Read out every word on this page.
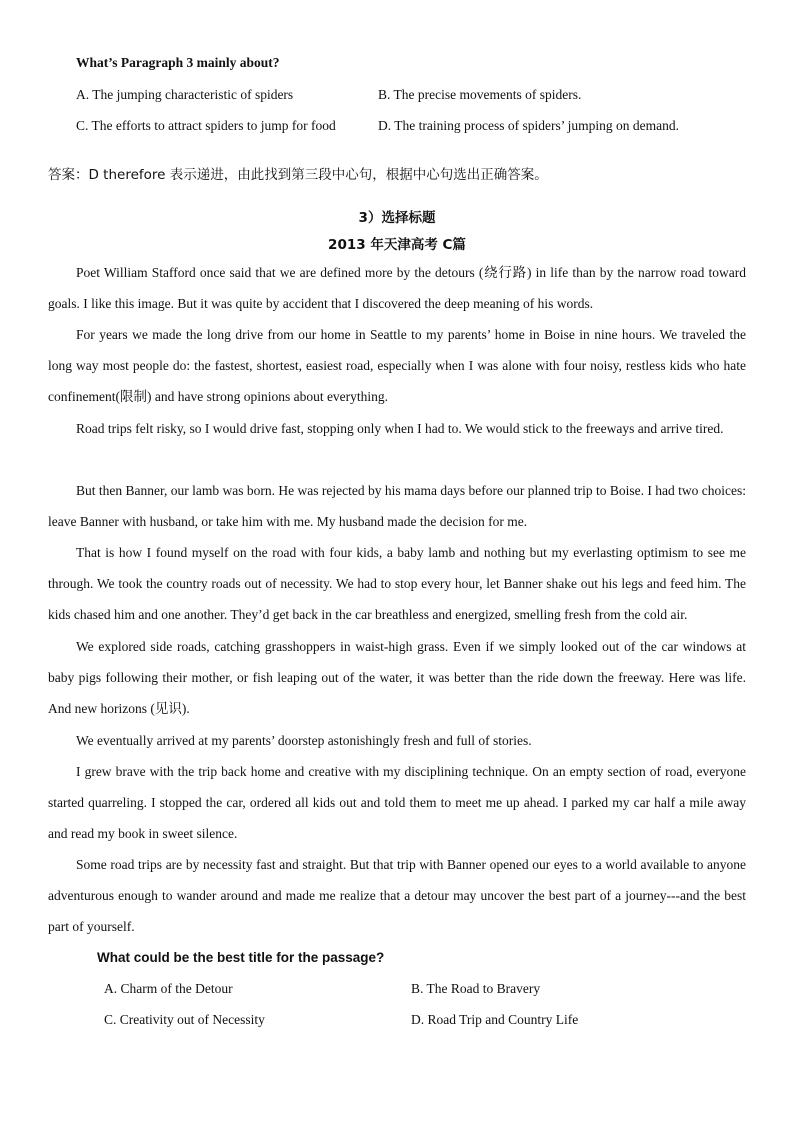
What’s Paragraph 3 mainly about?
A. The jumping characteristic of spiders	B. The precise movements of spiders.
C. The efforts to attract spiders to jump for food	D. The training process of spiders’ jumping on demand.
答案：D therefore 表示递进，由此找到第三段中心句，根据中心句选出正确答案。
3）选择标题
2013 年天津高考 C篇

Poet William Stafford once said that we are defined more by the detours (绕行路) in life than by the narrow road toward goals. I like this image. But it was quite by accident that I discovered the deep meaning of his words.

For years we made the long drive from our home in Seattle to my parents’ home in Boise in nine hours. We traveled the long way most people do: the fastest, shortest, easiest road, especially when I was alone with four noisy, restless kids who hate confinement(限制) and have strong opinions about everything.

Road trips felt risky, so I would drive fast, stopping only when I had to. We would stick to the freeways and arrive tired.

But then Banner, our lamb was born. He was rejected by his mama days before our planned trip to Boise. I had two choices: leave Banner with husband, or take him with me. My husband made the decision for me.

That is how I found myself on the road with four kids, a baby lamb and nothing but my everlasting optimism to see me through. We took the country roads out of necessity. We had to stop every hour, let Banner shake out his legs and feed him. The kids chased him and one another. They’d get back in the car breathless and energized, smelling fresh from the cold air.

We explored side roads, catching grasshoppers in waist-high grass. Even if we simply looked out of the car windows at baby pigs following their mother, or fish leaping out of the water, it was better than the ride down the freeway. Here was life. And new horizons (见识).

We eventually arrived at my parents’ doorstep astonishingly fresh and full of stories.

I grew brave with the trip back home and creative with my disciplining technique. On an empty section of road, everyone started quarreling. I stopped the car, ordered all kids out and told them to meet me up ahead. I parked my car half a mile away and read my book in sweet silence.

Some road trips are by necessity fast and straight. But that trip with Banner opened our eyes to a world available to anyone adventurous enough to wander around and made me realize that a detour may uncover the best part of a journey---and the best part of yourself.

What could be the best title for the passage?
A. Charm of the Detour	B. The Road to Bravery
C. Creativity out of Necessity	D. Road Trip and Country Life
